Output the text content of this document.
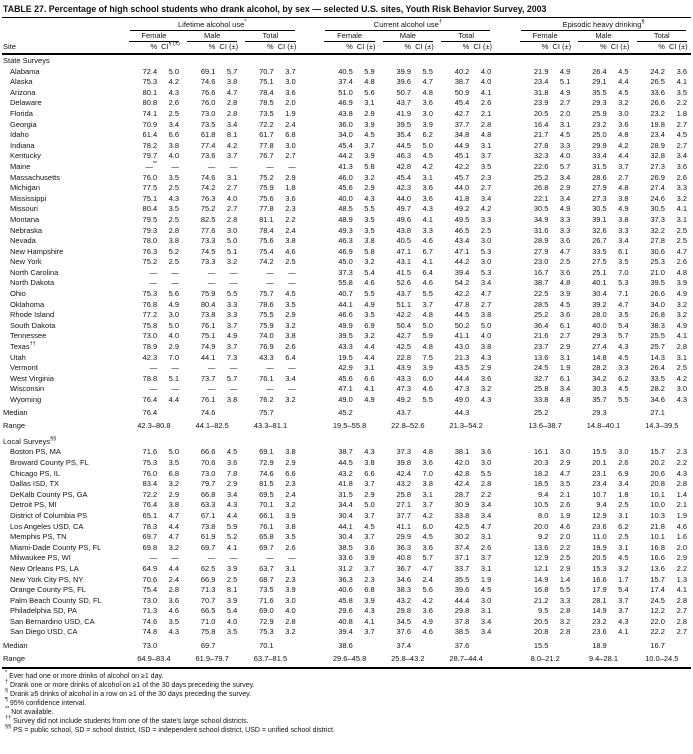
TABLE 27. Percentage of high school students who drank alcohol, by sex — selected U.S. sites, Youth Risk Behavior Survey, 2003

	Lifetime alcohol use*							Current alcohol use†							Episodic heavy drinking§

	Female		Male		Total			Female		Male		Total			Female		Male		Total	

Site	%	CI¶ (±)	%	CI (±)	%	CI (±)		%	CI (±)	%	CI (±)	%	CI (±)		%	CI (±)	%	CI (±)	%	CI (±)
State Surveys																				
Alabama	72.4	5.0	69.1	5.7	70.7	3.7		40.5	5.9	39.9	5.5	40.2	4.0		21.9	4.9	26.4	4.5	24.2	3.6
Alaska	75.3	4.2	74.6	3.8	75.1	3.0		37.4	4.8	39.6	4.7	38.7	4.0		23.4	5.1	29.1	4.4	26.5	4.1
Arizona	80.1	4.3	76.6	4.7	78.4	3.6		51.0	5.6	50.7	4.8	50.9	4.1		31.8	4.9	35.5	4.5	33.6	3.5
Delaware	80.8	2.6	76.0	2.8	78.5	2.0		46.9	3.1	43.7	3.6	45.4	2.6		23.9	2.7	29.3	3.2	26.6	2.2
Florida	74.1	2.5	73.0	2.8	73.5	1.9		43.8	2.9	41.9	3.0	42.7	2.1		20.5	2.0	25.9	3.0	23.2	1.8
Georgia	70.9	3.4	73.5	3.4	72.2	2.4		36.0	3.9	39.5	3.9	37.7	2.8		16.4	3.1	23.2	3.6	19.8	2.7
Idaho	61.4	6.6	61.8	8.1	61.7	6.8		34.0	4.5	35.4	6.2	34.8	4.8		21.7	4.5	25.0	4.8	23.4	4.5
Indiana	78.2	3.8	77.4	4.2	77.8	3.0		45.4	3.7	44.5	5.0	44.9	3.1		27.8	3.3	29.9	4.2	28.9	2.7
Kentucky	79.7	4.0	73.6	3.7	76.7	2.7		44.2	3.9	46.3	4.5	45.1	3.7		32.3	4.0	33.4	4.4	32.8	3.4
Maine	—**	—	—	—	—	—		41.3	5.8	42.8	4.2	42.2	3.5		22.6	5.7	31.5	3.7	27.3	3.6
Massachusetts	76.0	3.5	74.6	3.1	75.2	2.9		46.0	3.2	45.4	3.1	45.7	2.3		25.2	3.4	28.6	2.7	26.9	2.6
Michigan	77.5	2.5	74.2	2.7	75.9	1.8		45.6	2.9	42.3	3.6	44.0	2.7		26.8	2.9	27.9	4.8	27.4	3.3
Mississippi	75.1	4.3	76.3	4.0	75.6	3.6		40.0	4.3	44.0	3.6	41.8	3.4		22.1	3.4	27.3	3.8	24.6	3.2
Missouri	80.4	3.5	75.2	2.7	77.8	2.3		48.5	5.5	49.7	4.3	49.2	4.2		30.5	4.9	30.5	4.9	30.5	4.1
Montana	79.5	2.5	82.5	2.8	81.1	2.2		48.9	3.5	49.6	4.1	49.5	3.3		34.9	3.3	39.1	3.8	37.3	3.1
Nebraska	79.3	2.8	77.6	3.0	78.4	2.4		49.3	3.5	43.8	3.3	46.5	2.5		31.6	3.3	32.6	3.3	32.2	2.5
Nevada	78.0	3.8	73.3	5.0	75.6	3.8		46.3	3.8	40.5	4.6	43.4	3.0		28.9	3.6	26.7	3.4	27.8	2.5
New Hampshire	76.3	5.2	74.5	5.1	75.4	4.6		46.9	5.8	47.1	6.7	47.1	5.3		27.9	4.7	33.5	6.1	30.6	4.7
New York	75.2	2.5	73.3	3.2	74.2	2.5		45.0	3.2	43.1	4.1	44.2	3.0		23.0	2.5	27.5	3.5	25.3	2.6
North Carolina	—	—	—	—	—	—		37.3	5.4	41.5	6.4	39.4	5.3		16.7	3.6	25.1	7.0	21.0	4.8
North Dakota	—	—	—	—	—	—		55.8	4.6	52.6	4.6	54.2	3.4		38.7	4.8	40.1	5.3	39.5	3.9
Ohio	75.3	5.6	75.9	5.5	75.7	4.5		40.7	5.5	43.7	5.5	42.2	4.7		22.5	3.9	30.4	7.1	26.6	4.9
Oklahoma	76.8	4.9	80.4	3.3	78.6	3.5		44.1	4.9	51.1	3.7	47.8	2.7		28.5	4.5	39.2	4.7	34.0	3.2
Rhode Island	77.2	3.0	73.8	3.3	75.5	2.9		46.6	3.5	42.2	4.8	44.5	3.8		25.2	3.6	28.0	3.5	26.8	3.2
South Dakota	75.8	5.0	76.1	3.7	75.9	3.2		49.9	6.9	50.4	5.0	50.2	5.0		36.4	6.1	40.0	5.4	38.3	4.9
Tennessee	73.0	4.0	75.1	4.9	74.0	3.8		39.5	3.2	42.7	5.9	41.1	4.0		21.6	2.7	29.3	5.7	25.5	4.1
Texas††	78.9	2.9	74.9	3.7	76.9	2.6		43.3	4.4	42.5	4.8	43.0	3.8		23.7	2.9	27.4	4.3	25.7	2.8
Utah	42.3	7.0	44.1	7.3	43.3	6.4		19.5	4.4	22.8	7.5	21.3	4.3		13.6	3.1	14.8	4.5	14.3	3.1
Vermont	—	—	—	—	—	—		42.9	3.1	43.9	3.9	43.5	2.9		24.5	1.9	28.2	3.3	26.4	2.5
West Virginia	78.8	5.1	73.7	5.7	76.1	3.4		45.6	6.6	43.3	6.0	44.4	3.6		32.7	6.1	34.2	6.2	33.5	4.2
Wisconsin	—	—	—	—	—	—		47.1	4.1	47.3	4.6	47.3	3.2		25.8	3.4	30.3	4.5	28.2	3.0
Wyoming	76.4	4.4	76.1	3.8	76.2	3.2		49.0	4.9	49.2	5.5	49.0	4.3		33.8	4.8	35.7	5.5	34.6	4.3
Median	76.4		74.6		75.7			45.2		43.7		44.3			25.2		29.3		27.1	
Range	42.3–80.8		44.1–82.5		43.3–81.1			19.5–55.8		22.8–52.6		21.3–54.2			13.6–38.7		14.8–40.1		14.3–39.5	
Local Surveys§§
Boston PS, MA	71.6	5.0	66.6	4.5	69.1	3.8		38.7	4.3	37.3	4.8	38.1	3.6		16.1	3.0	15.5	3.0	15.7	2.3
Broward County PS, FL	75.3	3.5	70.6	3.6	72.9	2.9		44.5	3.8	39.8	3.6	42.0	3.0		20.3	2.9	20.1	2.6	20.2	2.2
Chicago PS, IL	76.0	6.8	73.0	7.8	74.6	6.6		43.2	6.6	42.4	7.0	42.8	5.5		18.2	4.7	23.1	6.9	20.6	4.3
Dallas ISD, TX	83.4	3.2	79.7	2.9	81.5	2.3		41.8	3.7	43.2	3.8	42.4	2.8		18.5	3.5	23.4	3.4	20.8	2.8
DeKalb County PS, GA	72.2	2.9	66.8	3.4	69.5	2.4		31.5	2.9	25.8	3.1	28.7	2.2		9.4	2.1	10.7	1.8	10.1	1.4
Detroit PS, MI	76.4	3.8	63.3	4.3	70.1	3.2		34.4	5.0	27.1	3.7	30.9	3.4		10.5	2.6	9.4	2.5	10.0	2.1
District of Columbia PS	65.1	4.7	67.1	4.4	66.1	3.9		30.4	3.7	37.7	4.2	33.8	3.4		8.0	1.9	12.9	3.1	10.3	1.9
Los Angeles USD, CA	78.3	4.4	73.8	5.9	76.1	3.8		44.1	4.5	41.1	6.0	42.5	4.7		20.0	4.6	23.6	6.2	21.8	4.6
Memphis PS, TN	69.7	4.7	61.9	5.2	65.8	3.5		30.4	3.7	29.9	4.5	30.2	3.1		9.2	2.0	11.0	2.5	10.1	1.6
Miami-Dade County PS, FL	69.8	3.2	69.7	4.1	69.7	2.6		38.5	3.6	36.3	3.6	37.4	2.6		13.6	2.2	19.9	3.1	16.8	2.0
Milwaukee PS, WI	—	—	—	—	—	—		33.6	3.9	40.8	5.7	37.1	3.7		12.9	2.5	20.5	4.5	16.6	2.9
New Orleans PS, LA	64.9	4.4	62.5	3.9	63.7	3.1		31.2	3.7	36.7	4.7	33.7	3.1		12.1	2.9	15.3	3.2	13.6	2.2
New York City PS, NY	70.6	2.4	66.9	2.5	68.7	2.3		36.3	2.3	34.6	2.4	35.5	1.9		14.9	1.4	16.6	1.7	15.7	1.3
Orange County PS, FL	75.4	2.8	71.3	8.1	73.5	3.9		40.6	6.8	38.3	5.6	39.6	4.5		16.8	5.5	17.9	5.4	17.4	4.1
Palm Beach County SD, FL	73.0	3.6	70.7	3.9	71.6	3.0		45.8	3.9	43.2	4.2	44.4	3.0		21.2	3.3	28.1	3.7	24.5	2.8
Philadelphia SD, PA	71.3	4.6	66.5	5.4	69.0	4.0		29.6	4.3	29.8	3.6	29.8	3.1		9.5	2.8	14.9	3.7	12.2	2.7
San Bernardino USD, CA	74.6	3.5	71.0	4.0	72.9	2.8		40.8	4.1	34.5	4.9	37.8	3.4		20.5	3.2	23.2	4.3	22.0	2.8
San Diego USD, CA	74.8	4.3	75.8	3.5	75.3	3.2		39.4	3.7	37.6	4.6	38.5	3.4		20.8	2.8	23.6	4.1	22.2	2.7
Median	73.0		69.7		70.1			38.6		37.4		37.6			15.5		18.9		16.7	
Range	64.9–83.4		61.9–79.7		63.7–81.5			29.6–45.8		25.8–43.2		28.7–44.4			8.0–21.2		9.4–28.1		10.0–24.5	
* Ever had one or more drinks of alcohol on ≥1 day.
† Drank one or more drinks of alcohol on ≥1 of the 30 days preceding the survey.
§ Drank ≥5 drinks of alcohol in a row on ≥1 of the 30 days preceding the survey.
¶ 95% confidence interval.
** Not available.
†† Survey did not include students from one of the state's large school districts.
§§ PS = public school, SD = school district, ISD = independent school district, USD = unified school district.
